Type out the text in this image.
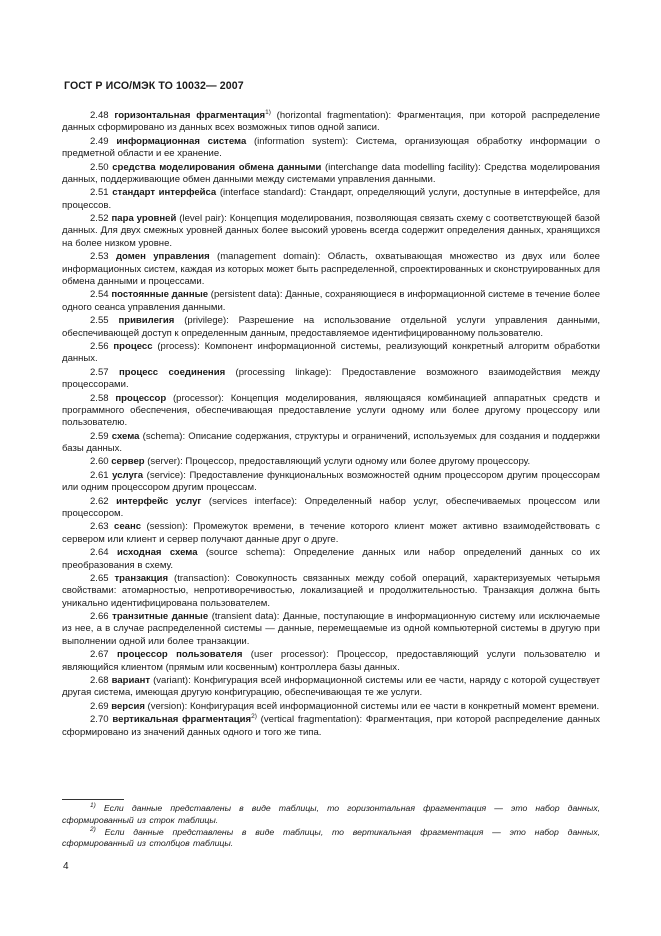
ГОСТ Р ИСО/МЭК ТО 10032— 2007

2.48 горизонтальная фрагментация$^{1)}$ (horizontal fragmentation): Фрагментация, при которой распределение данных сформировано из данных всех возможных типов одной записи.

2.49 информационная система (information system): Система, организующая обработку информации о предметной области и ее хранение.

2.50 средства моделирования обмена данными (interchange data modelling facility): Средства моделирования данных, поддерживающие обмен данными между системами управления данными.

2.51 стандарт интерфейса (interface standard): Стандарт, определяющий услуги, доступные в интерфейсе, для процессов.

2.52 пара уровней (level pair): Концепция моделирования, позволяющая связать схему с соответствующей базой данных. Для двух смежных уровней данных более высокий уровень всегда содержит определения данных, хранящихся на более низком уровне.

2.53 домен управления (management domain): Область, охватывающая множество из двух или более информационных систем, каждая из которых может быть распределенной, спроектированных и сконструированных для обмена данными и процессами.

2.54 постоянные данные (persistent data): Данные, сохраняющиеся в информационной системе в течение более одного сеанса управления данными.

2.55 привилегия (privilege): Разрешение на использование отдельной услуги управления данными, обеспечивающей доступ к определенным данным, предоставляемое идентифицированному пользователю.

2.56 процесс (process): Компонент информационной системы, реализующий конкретный алгоритм обработки данных.

2.57 процесс соединения (processing linkage): Предоставление возможного взаимодействия между процессорами.

2.58 процессор (processor): Концепция моделирования, являющаяся комбинацией аппаратных средств и программного обеспечения, обеспечивающая предоставление услуги одному или более другому процессору или пользователю.

2.59 схема (schema): Описание содержания, структуры и ограничений, используемых для создания и поддержки базы данных.

2.60 сервер (server): Процессор, предоставляющий услуги одному или более другому процессору.

2.61 услуга (service): Предоставление функциональных возможностей одним процессором другим процессорам или одним процессором другим процессам.

2.62 интерфейс услуг (services interface): Определенный набор услуг, обеспечиваемых процессом или процессором.

2.63 сеанс (session): Промежуток времени, в течение которого клиент может активно взаимодействовать с сервером или клиент и сервер получают данные друг о друге.

2.64 исходная схема (source schema): Определение данных или набор определений данных со их преобразования в схему.

2.65 транзакция (transaction): Совокупность связанных между собой операций, характеризуемых четырьмя свойствами: атомарностью, непротиворечивостью, локализацией и продолжительностью. Транзакция должна быть уникально идентифицирована пользователем.

2.66 транзитные данные (transient data): Данные, поступающие в информационную систему или исключаемые из нее, а в случае распределенной системы — данные, перемещаемые из одной компьютерной системы в другую при выполнении одной или более транзакции.

2.67 процессор пользователя (user processor): Процессор, предоставляющий услуги пользователю и являющийся клиентом (прямым или косвенным) контроллера базы данных.

2.68 вариант (variant): Конфигурация всей информационной системы или ее части, наряду с которой существует другая система, имеющая другую конфигурацию, обеспечивающая те же услуги.

2.69 версия (version): Конфигурация всей информационной системы или ее части в конкретный момент времени.

2.70 вертикальная фрагментация$^{2)}$ (vertical fragmentation): Фрагментация, при которой распределение данных сформировано из значений данных одного и того же типа.

$^{1)}$ Если данные представлены в виде таблицы, то горизонтальная фрагментация — это набор данных, сформированный из строк таблицы.

$^{2)}$ Если данные представлены в виде таблицы, то вертикальная фрагментация — это набор данных, сформированный из столбцов таблицы.

4
